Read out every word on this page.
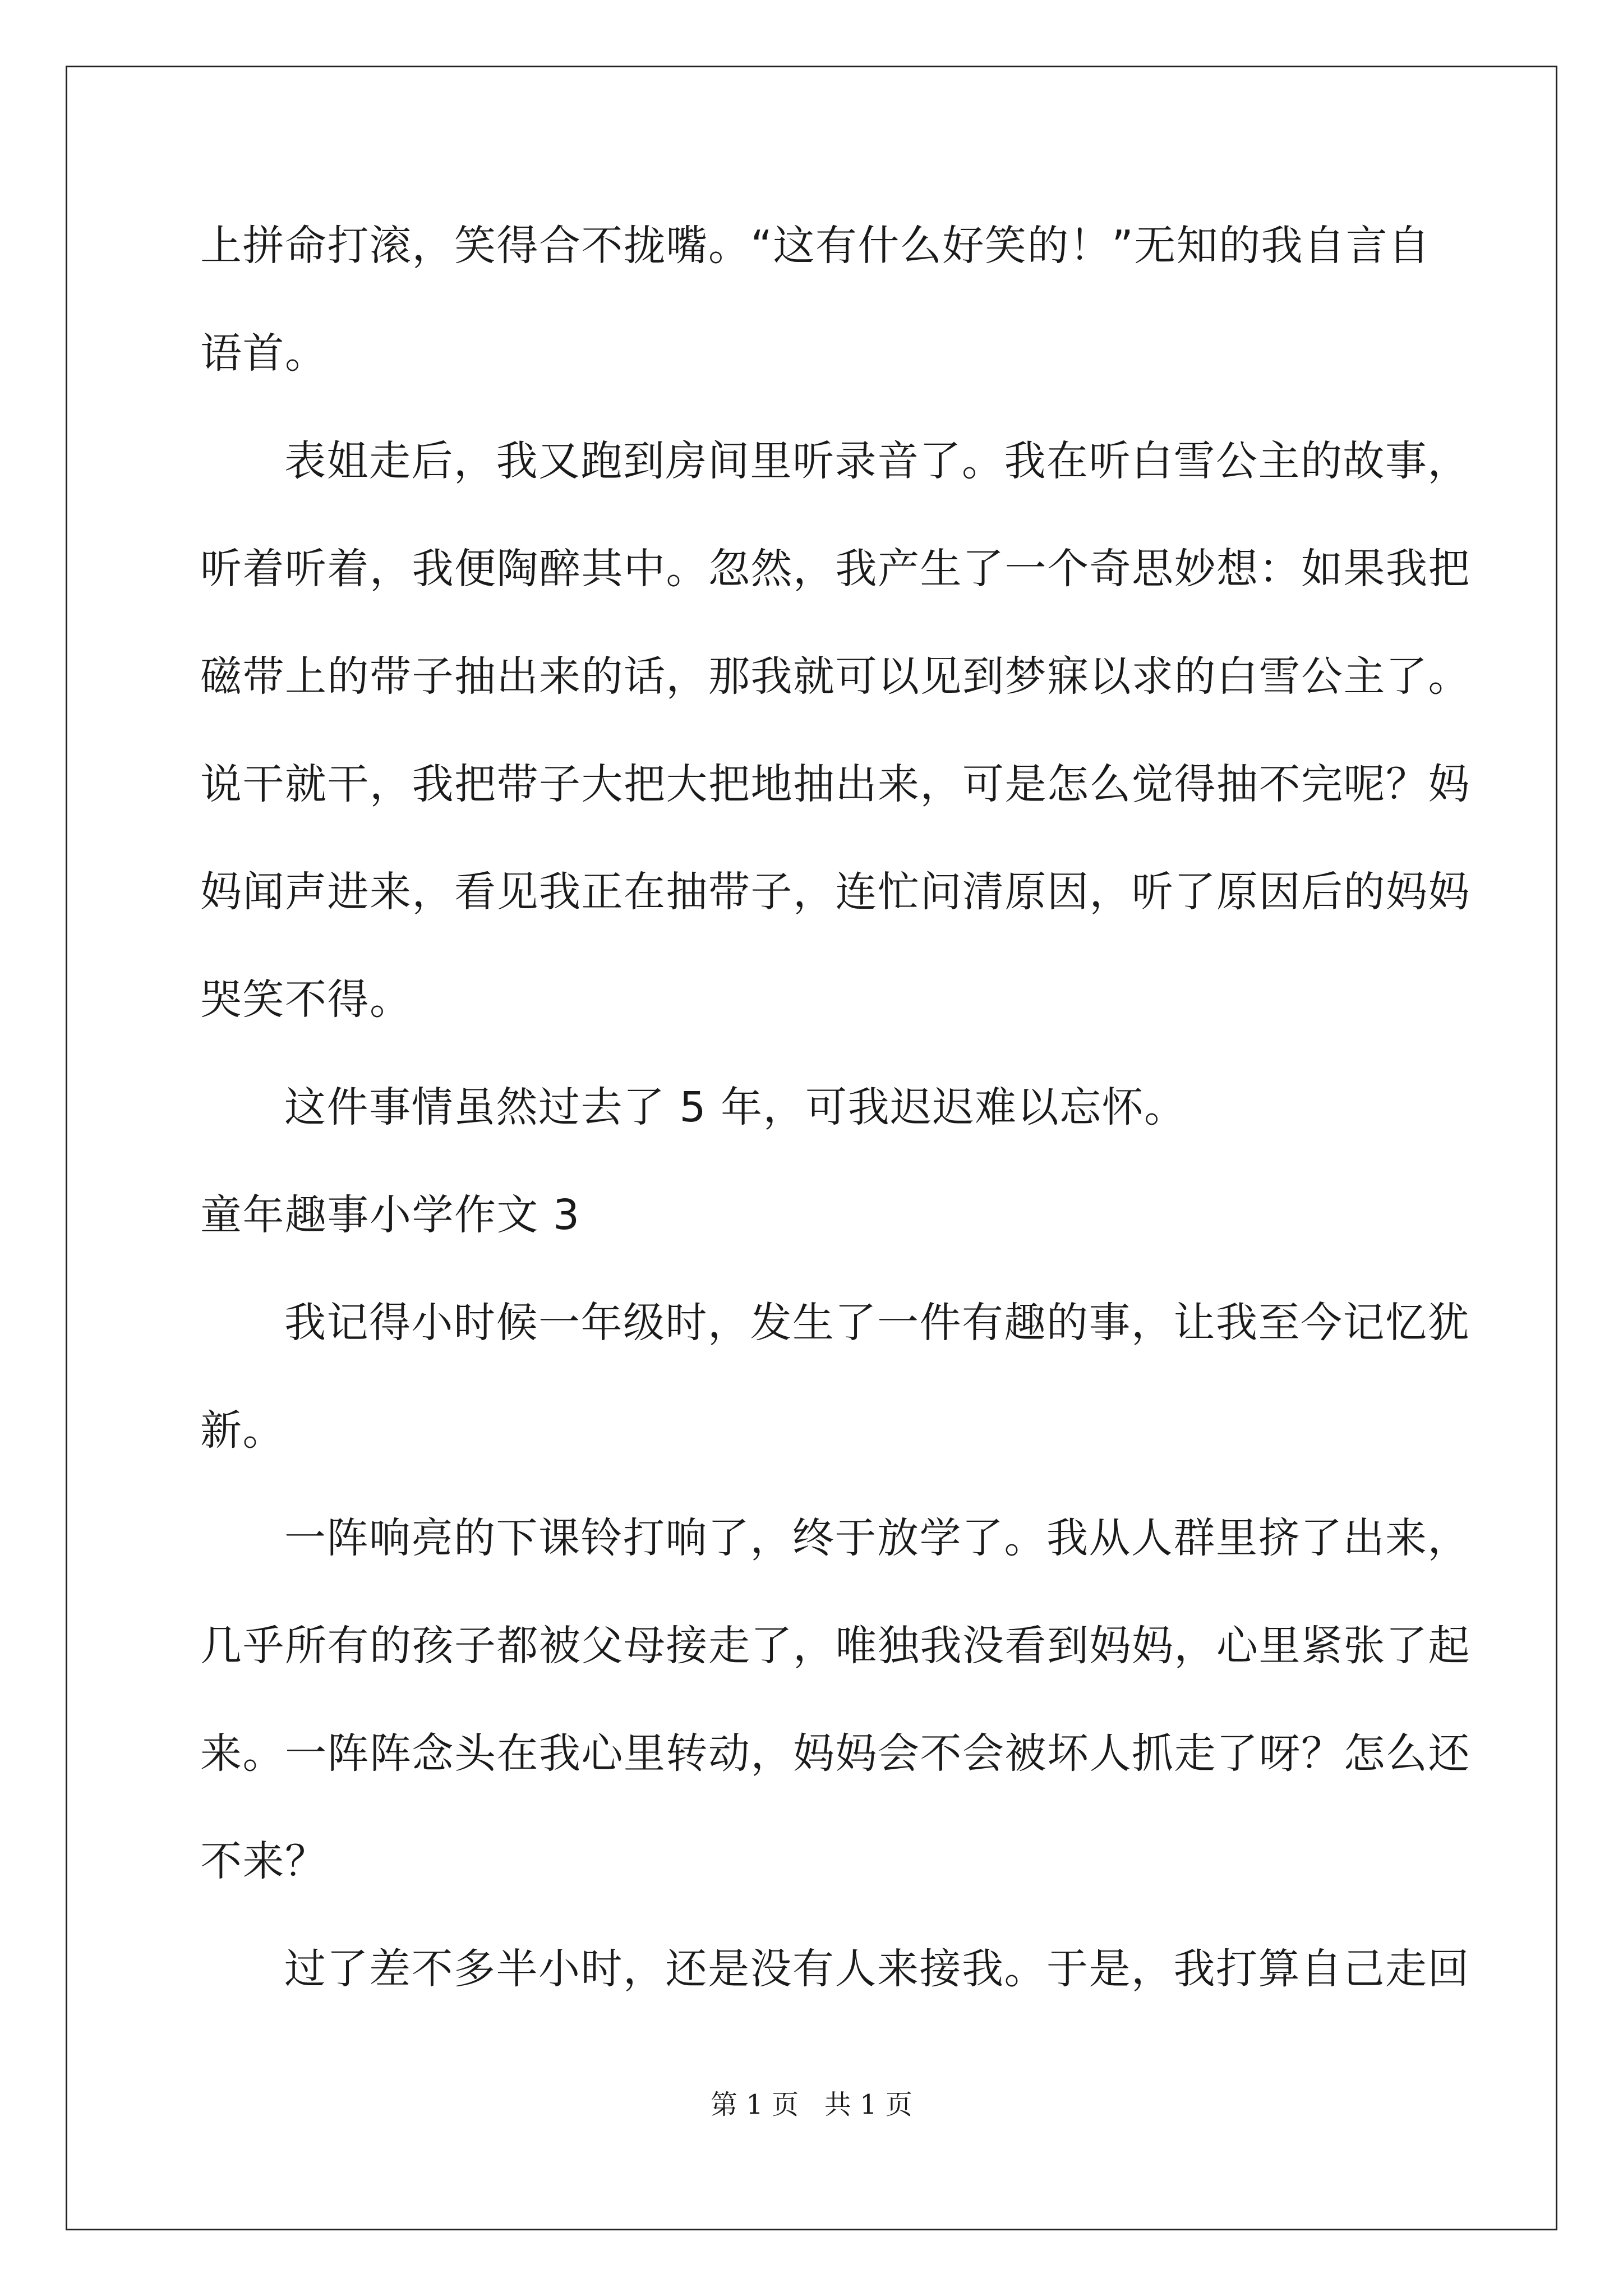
上拼命打滚，笑得合不拢嘴。“这有什么好笑的！”无知的我自言自
语首。
表姐走后，我又跑到房间里听录音了。我在听白雪公主的故事，
听着听着，我便陶醉其中。忽然，我产生了一个奇思妙想：如果我把
磁带上的带子抽出来的话，那我就可以见到梦寐以求的白雪公主了。
说干就干，我把带子大把大把地抽出来，可是怎么觉得抽不完呢？妈
妈闻声进来，看见我正在抽带子，连忙问清原因，听了原因后的妈妈
哭笑不得。
这件事情虽然过去了 5 年，可我迟迟难以忘怀。
童年趣事小学作文 3
我记得小时候一年级时，发生了一件有趣的事，让我至今记忆犹
新。
一阵响亮的下课铃打响了，终于放学了。我从人群里挤了出来，
几乎所有的孩子都被父母接走了，唯独我没看到妈妈，心里紧张了起
来。一阵阵念头在我心里转动，妈妈会不会被坏人抓走了呀？怎么还
不来？
过了差不多半小时，还是没有人来接我。于是，我打算自己走回
第 1 页   共 1 页
